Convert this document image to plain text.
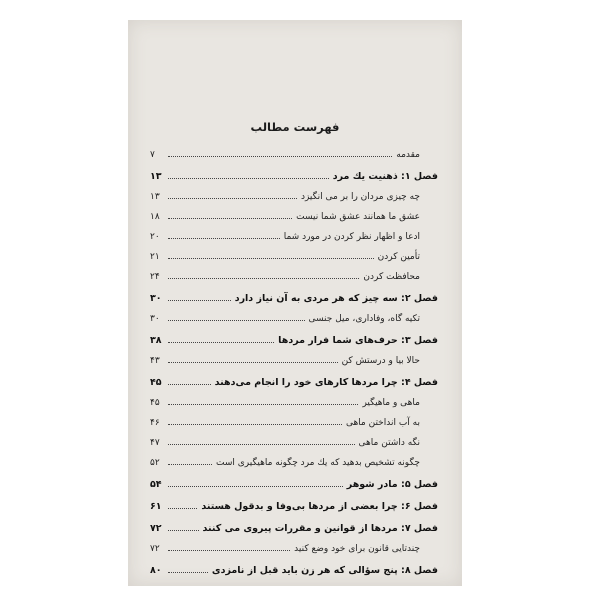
فهرست مطالب
مقدمه
۷
فصل ۱: ذهنیت یك مرد
۱۳
چه چیزی مردان را بر می انگیزد
۱۳
عشق ما همانند عشق شما نیست
۱۸
ادعا و اظهار نظر كردن در مورد شما
۲۰
تأمین كردن
۲۱
محافظت كردن
۲۴
فصل ۲: سه چیز كه هر مردی به آن نیاز دارد
۳۰
تكیه گاه، وفاداری، میل جنسی
۳۰
فصل ۳: حرف‌های شما فرار مردها
۳۸
حالا بیا و درستش كن
۴۳
فصل ۴: چرا مردها كارهای خود را انجام می‌دهند
۴۵
ماهی و ماهیگیر
۴۵
به آب انداختن ماهی
۴۶
نگه داشتن ماهی
۴۷
چگونه تشخیص بدهید كه یك مرد چگونه ماهیگیری است
۵۲
فصل ۵: مادر شوهر
۵۴
فصل ۶: چرا بعضی از مردها بی‌وفا و بدقول هستند
۶۱
فصل ۷: مردها از قوانین و مقررات پیروی می كنند
۷۲
چندتایی قانون برای خود وضع كنید
۷۲
فصل ۸: پنج سؤالی كه هر زن باید قبل از نامزدی
۸۰
